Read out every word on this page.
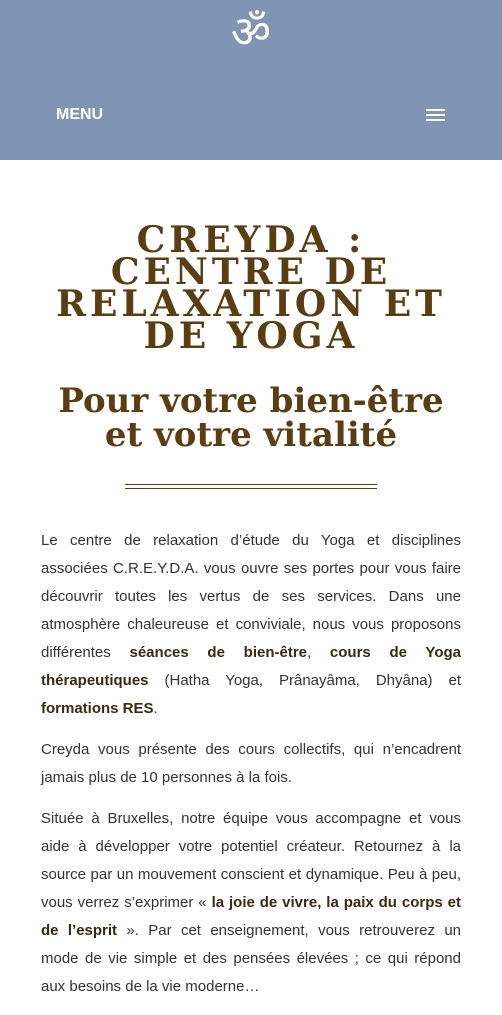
ॐ
MENU
CREYDA : CENTRE DE RELAXATION ET DE YOGA
Pour votre bien-être et votre vitalité

Le centre de relaxation d’étude du Yoga et disciplines associées C.R.E.Y.D.A. vous ouvre ses portes pour vous faire découvrir toutes les vertus de ses services. Dans une atmosphère chaleureuse et conviviale, nous vous proposons différentes séances de bien-être, cours de Yoga thérapeutiques (Hatha Yoga, Prânayâma, Dhyâna) et formations RES.

Creyda vous présente des cours collectifs, qui n’encadrent jamais plus de 10 personnes à la fois.

Située à Bruxelles, notre équipe vous accompagne et vous aide à développer votre potentiel créateur. Retournez à la source par un mouvement conscient et dynamique. Peu à peu, vous verrez s’exprimer « la joie de vivre, la paix du corps et de l’esprit ». Par cet enseignement, vous retrouverez un mode de vie simple et des pensées élevées ; ce qui répond aux besoins de la vie moderne…
